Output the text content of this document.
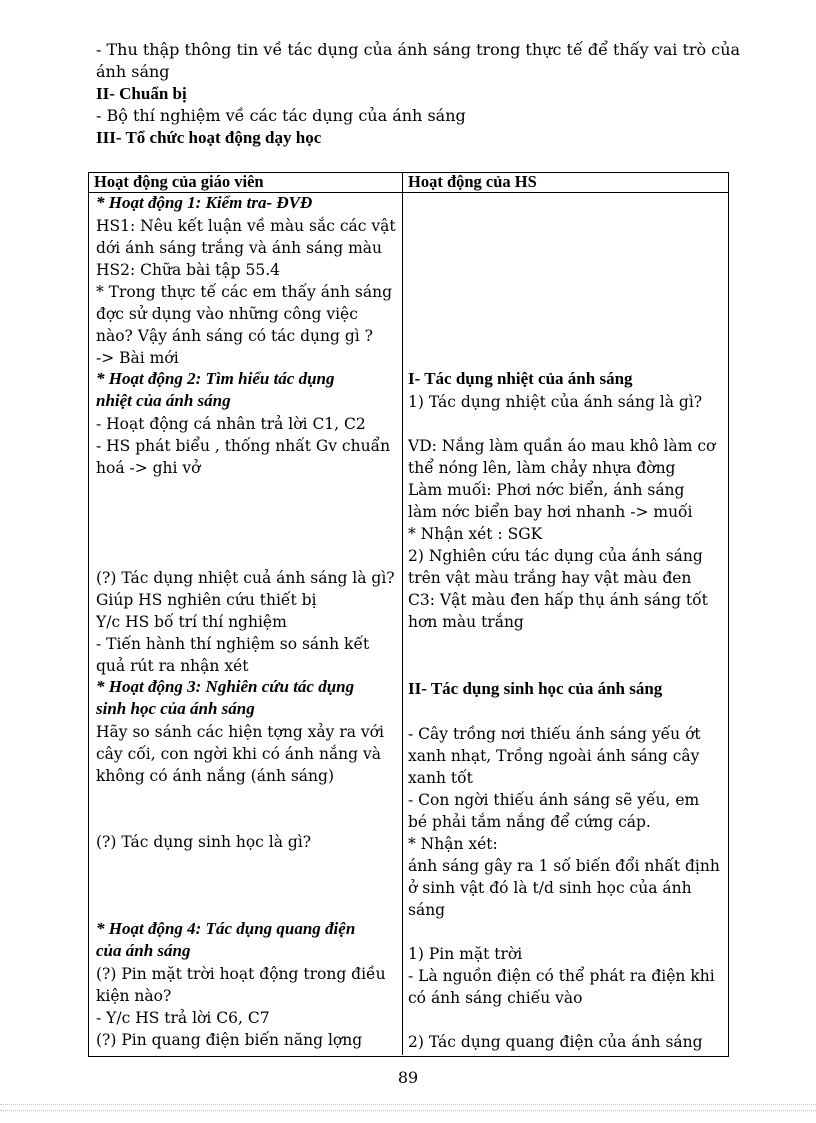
- Thu thập thông tin về tác dụng của ánh sáng trong thực tế để thấy vai trò của
ánh sáng
II- Chuẩn bị
- Bộ thí nghiệm về các tác dụng của ánh sáng
III- Tổ chức hoạt động dạy học
Hoạt động của giáo viên	Hoạt động của HS
* Hoạt động 1: Kiểm tra- ĐVĐ
HS1: Nêu kết luận về màu sắc các vật
dới ánh sáng trắng và ánh sáng màu
HS2: Chữa bài tập 55.4
* Trong thực tế các em thấy ánh sáng
đợc sử dụng vào những công việc
nào? Vậy ánh sáng có tác dụng gì ?
-> Bài mới
* Hoạt động 2: Tìm hiểu tác dụng
nhiệt của ánh sáng
- Hoạt động cá nhân trả lời C1, C2
- HS phát biểu , thống nhất Gv chuẩn
hoá -> ghi vở
(?) Tác dụng nhiệt cuả ánh sáng là gì?
Giúp HS nghiên cứu thiết bị
Y/c HS bố trí thí nghiệm
- Tiến hành thí nghiệm so sánh kết
quả rút ra nhận xét
* Hoạt động 3: Nghiên cứu tác dụng
sinh học của ánh sáng
Hãy so sánh các hiện tợng xảy ra với
cây cối, con ngời khi có ánh nắng và
không có ánh nắng (ánh sáng)
(?) Tác dụng sinh học là gì?
* Hoạt động 4: Tác dụng quang điện
của ánh sáng
(?) Pin mặt trời hoạt động trong điều
kiện nào?
- Y/c HS trả lời C6, C7
(?) Pin quang điện biến năng lợng
I- Tác dụng nhiệt của ánh sáng
1) Tác dụng nhiệt của ánh sáng là gì?
VD: Nắng làm quần áo mau khô làm cơ
thể nóng lên, làm chảy nhựa đờng
Làm muối: Phơi nớc biển, ánh sáng
làm nớc biển bay hơi nhanh -> muối
* Nhận xét : SGK
2) Nghiên cứu tác dụng của ánh sáng
trên vật màu trắng hay vật màu đen
C3: Vật màu đen hấp thụ ánh sáng tốt
hơn màu trắng
II- Tác dụng sinh học của ánh sáng
- Cây trồng nơi thiếu ánh sáng yếu ớt
xanh nhạt, Trồng ngoài ánh sáng cây
xanh tốt
- Con ngời thiếu ánh sáng sẽ yếu, em
bé phải tắm nắng để cứng cáp.
* Nhận xét:
ánh sáng gây ra 1 số biến đổi nhất định
ở sinh vật đó là t/d sinh học của ánh
sáng
1) Pin mặt trời
- Là nguồn điện có thể phát ra điện khi
có ánh sáng chiếu vào
2) Tác dụng quang điện của ánh sáng
89
